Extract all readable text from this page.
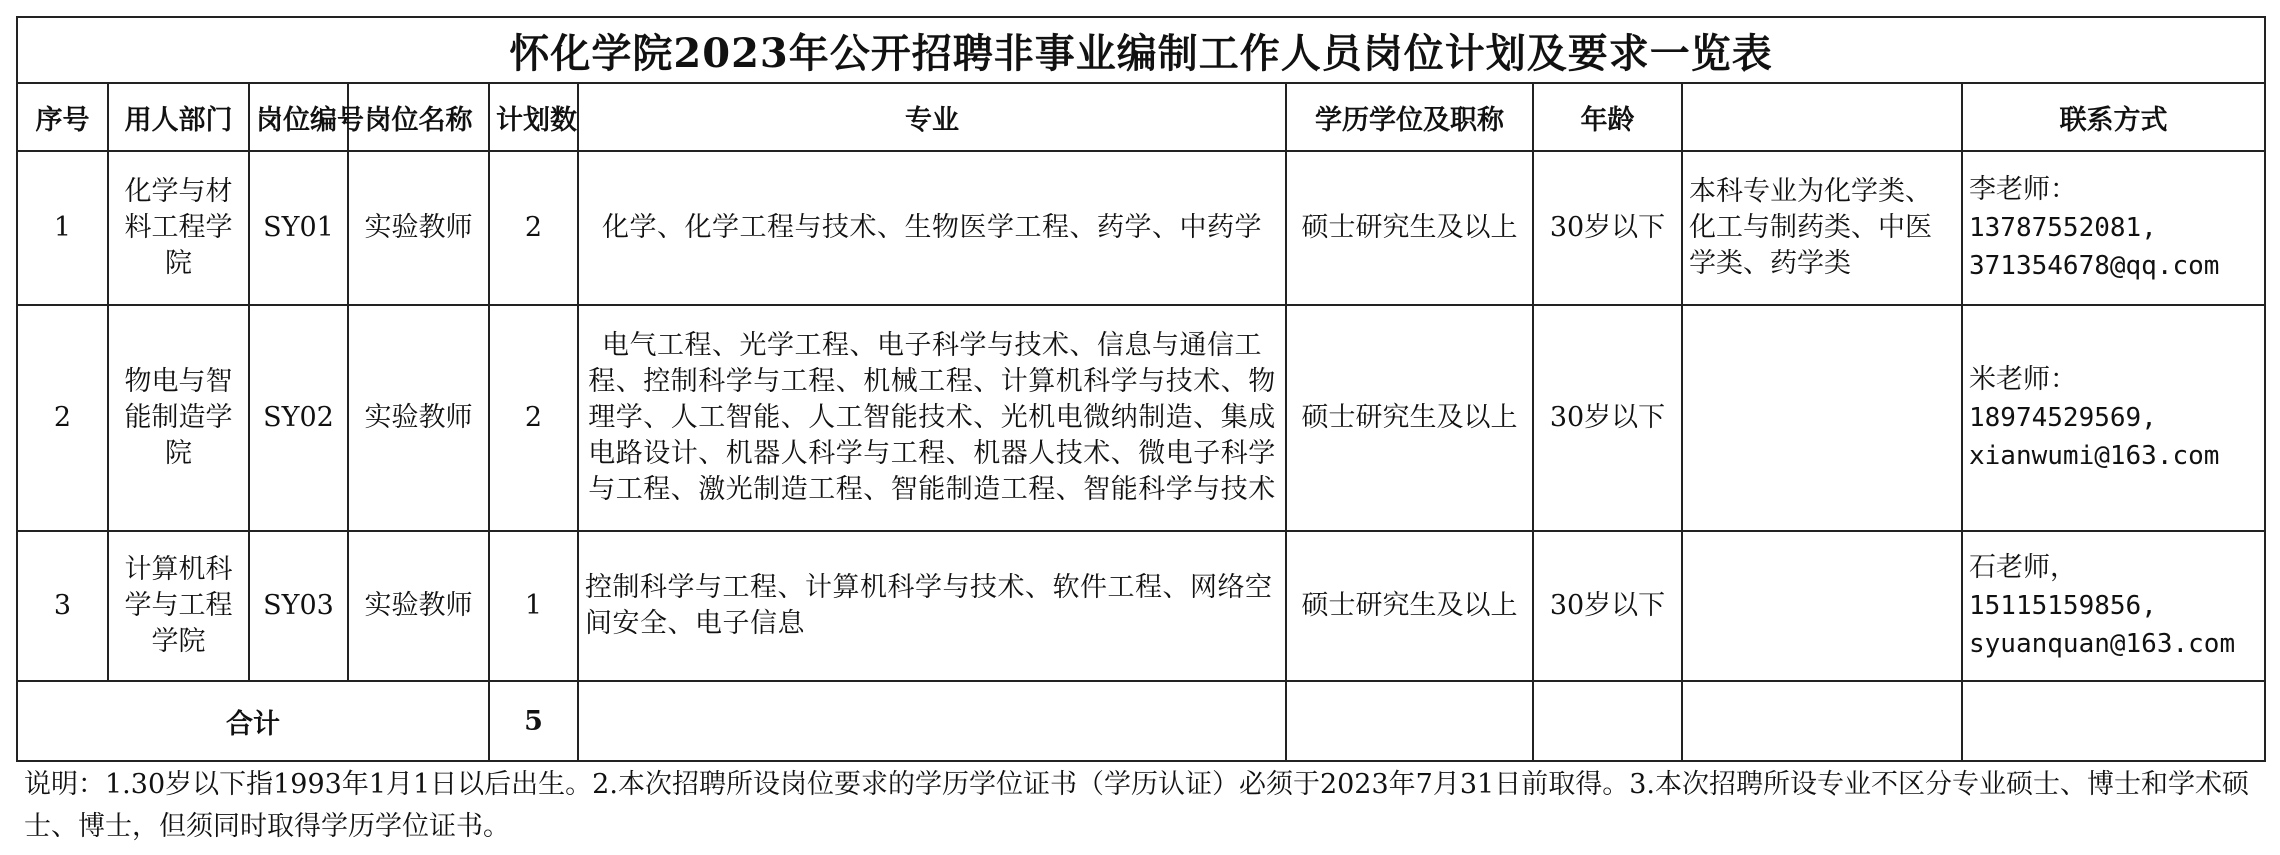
怀化学院2023年公开招聘非事业编制工作人员岗位计划及要求一览表									
序号	用人部门	岗位编号	岗位名称	计划数	专业	学历学位及职称	年龄		联系方式
1	化学与材料工程学院	SY01	实验教师	2	化学、化学工程与技术、生物医学工程、药学、中药学	硕士研究生及以上	30岁以下	本科专业为化学类、化工与制药类、中医学类、药学类	李老师：
13787552081,
371354678@qq.com

2	物电与智能制造学院	SY02	实验教师	2	电气工程、光学工程、电子科学与技术、信息与通信工程、控制科学与工程、机械工程、计算机科学与技术、物理学、人工智能、人工智能技术、光机电微纳制造、集成电路设计、机器人科学与工程、机器人技术、微电子科学与工程、激光制造工程、智能制造工程、智能科学与技术	硕士研究生及以上	30岁以下		米老师：
18974529569,
xianwumi@163.com

3	计算机科学与工程学院	SY03	实验教师	1	控制科学与工程、计算机科学与技术、软件工程、网络空间安全、电子信息	硕士研究生及以上	30岁以下		石老师，
15115159856,
syuanquan@163.com

合计				5					
说明：1.30岁以下指1993年1月1日以后出生。2.本次招聘所设岗位要求的学历学位证书（学历认证）必须于2023年7月31日前取得。3.本次招聘所设专业不区分专业硕士、博士和学术硕士、博士，但须同时取得学历学位证书。
